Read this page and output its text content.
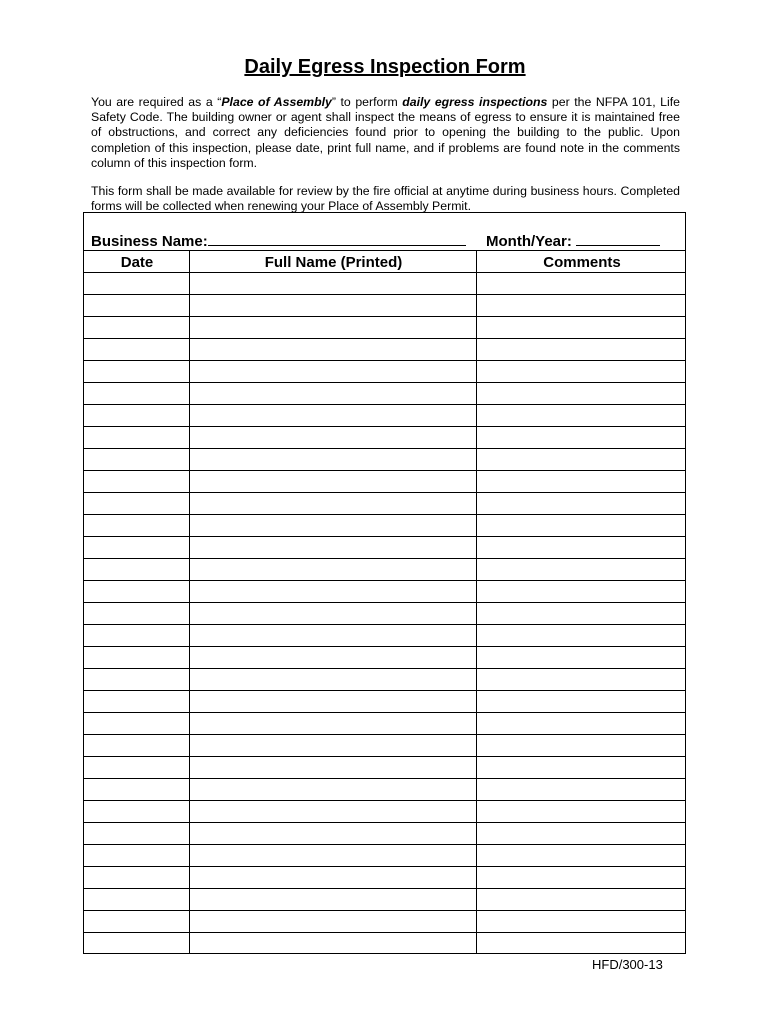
Daily Egress Inspection Form
You are required as a “Place of Assembly” to perform daily egress inspections per the NFPA 101, Life Safety Code. The building owner or agent shall inspect the means of egress to ensure it is maintained free of obstructions, and correct any deficiencies found prior to opening the building to the public. Upon completion of this inspection, please date, print full name, and if problems are found note in the comments column of this inspection form.
This form shall be made available for review by the fire official at anytime during business hours. Completed forms will be collected when renewing your Place of Assembly Permit.
Business Name:	Month/Year:
Date	Full Name (Printed)	Comments
HFD/300-13
